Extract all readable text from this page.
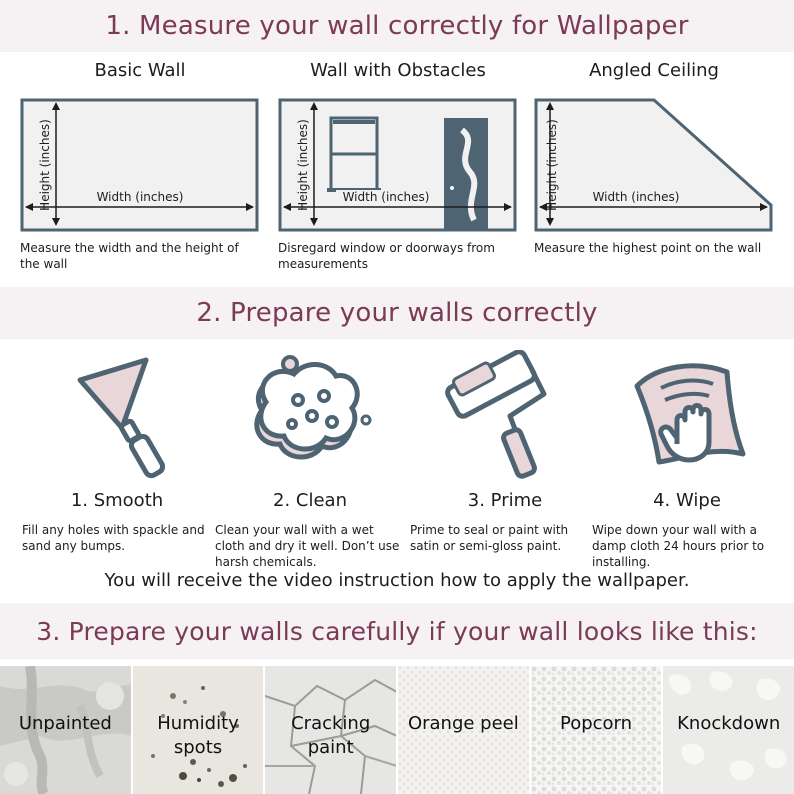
1. Measure your wall correctly for Wallpaper
Basic Wall
Width (inches)
Height (inches)
Measure the width and the height of the wall
Wall with Obstacles
Width (inches)
Height (inches)
Disregard window or doorways from measurements
Angled Ceiling
Width (inches)
Height (inches)
Measure the highest point on the wall
2. Prepare your walls correctly
1. Smooth
Fill any holes with spackle and sand any bumps.
2. Clean
Clean your wall with a wet cloth and dry it well. Don’t use harsh chemicals.
3. Prime
Prime to seal or paint with satin or semi-gloss paint.
4. Wipe
Wipe down your wall with a damp cloth 24 hours prior to installing.
You will receive the video instruction how to apply the wallpaper.
3. Prepare your walls carefully if your wall looks like this:
Unpainted	Humidity
spots
Cracking
paint
Orange peel	Popcorn	Knockdown
